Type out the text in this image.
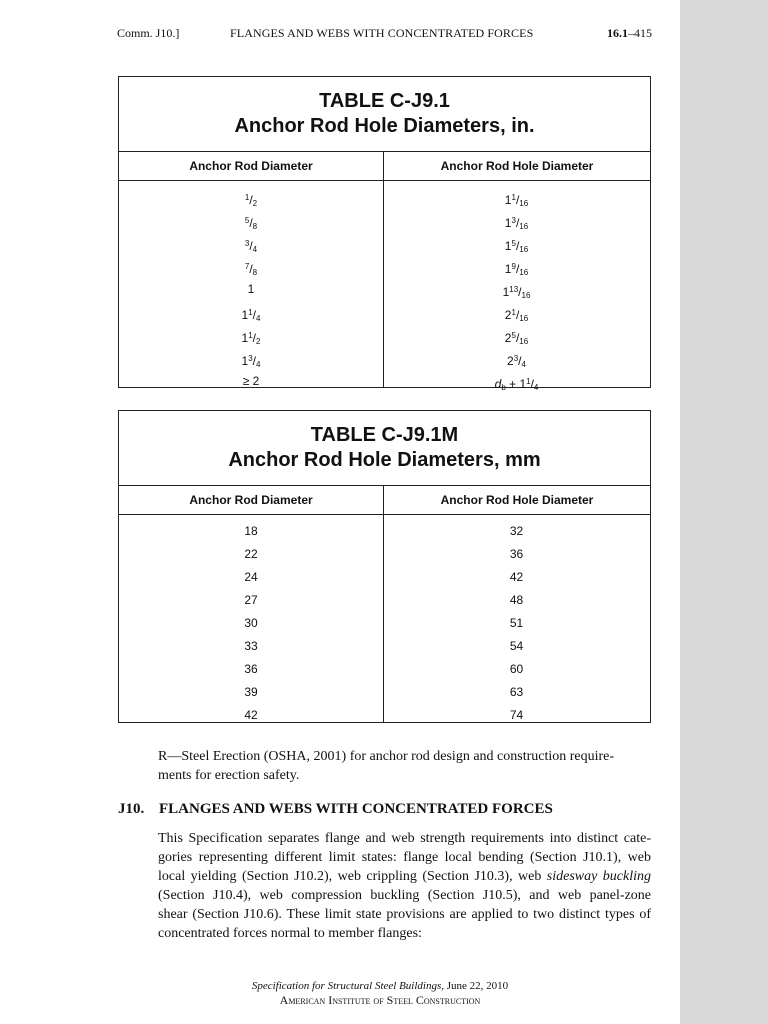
Comm. J10.]	FLANGES AND WEBS WITH CONCENTRATED FORCES	16.1–415
TABLE C-J9.1
Anchor Rod Hole Diameters, in.
Anchor Rod Diameter	Anchor Rod Hole Diameter
$^1/_2$	$1^1/_{16}$
$^5/_8$	$1^3/_{16}$
$^3/_4$	$1^5/_{16}$
$^7/_8$	$1^9/_{16}$
1	$1^{13}/_{16}$
$1^1/_4$	$2^1/_{16}$
$1^1/_2$	$2^5/_{16}$
$1^3/_4$	$2^3/_4$
≥ 2	$d_b + 1^1/_4$
TABLE C-J9.1M
Anchor Rod Hole Diameters, mm
Anchor Rod Diameter	Anchor Rod Hole Diameter
18	32
22	36
24	42
27	48
30	51
33	54
36	60
39	63
42	74
R—Steel Erection (OSHA, 2001) for anchor rod design and construction require-
ments for erection safety.
J10. FLANGES AND WEBS WITH CONCENTRATED FORCES
This Specification separates flange and web strength requirements into distinct cate-
gories representing different limit states: flange local bending (Section J10.1), web
local yielding (Section J10.2), web crippling (Section J10.3), web sidesway buckling
(Section J10.4), web compression buckling (Section J10.5), and web panel-zone
shear (Section J10.6). These limit state provisions are applied to two distinct types of
concentrated forces normal to member flanges:
Specification for Structural Steel Buildings, June 22, 2010
American Institute of Steel Construction
